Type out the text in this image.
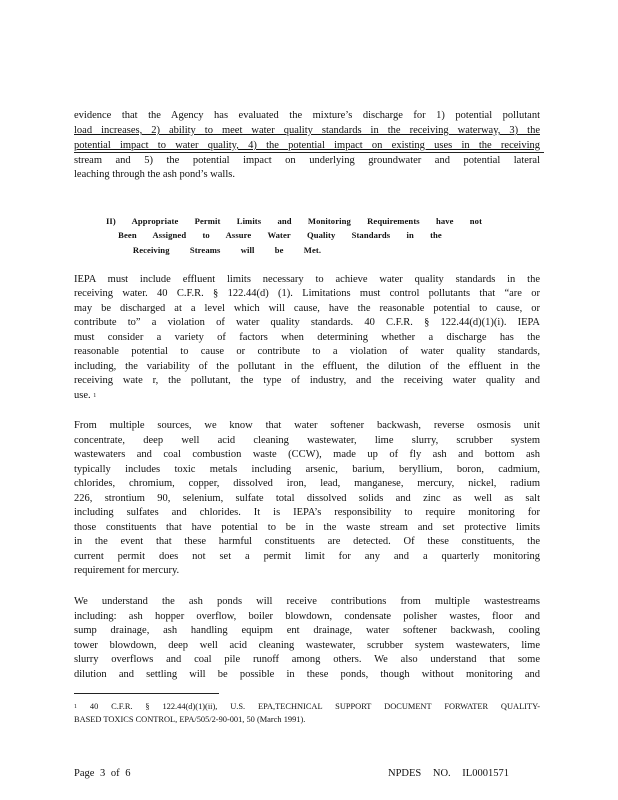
evidence that the Agency has evaluated the mixture’s discharge for 1) potential pollutant
load increases, 2) ability to meet water quality standards in the receiving waterway, 3) the
potential impact to water quality, 4) the potential impact on existing uses in the receiving
stream and 5) the potential impact on underlying groundwater and potential lateral
leaching through the ash pond’s walls.
II) Appropriate Permit Limits and Monitoring Requirements have not
Been Assigned to Assure Water Quality Standards in the
Receiving Streams will be Met.
IEPA must include effluent limits necessary to achieve water quality standards in the
receiving water. 40 C.F.R. § 122.44(d) (1). Limitations must control pollutants that “are or
may be discharged at a level which will cause, have the reasonable potential to cause, or
contribute to” a violation of water quality standards. 40 C.F.R. § 122.44(d)(1)(i). IEPA
must consider a variety of factors when determining whether a discharge has the
reasonable potential to cause or contribute to a violation of water quality standards,
including, the variability of the pollutant in the effluent, the dilution of the effluent in the
receiving wate r, the pollutant, the type of industry, and the receiving water quality and
use. $^1$
From multiple sources, we know that water softener backwash, reverse osmosis unit
concentrate, deep well acid cleaning wastewater, lime slurry, scrubber system
wastewaters and coal combustion waste (CCW), made up of fly ash and bottom ash
typically includes toxic metals including arsenic, barium, beryllium, boron, cadmium,
chlorides, chromium, copper, dissolved iron, lead, manganese, mercury, nickel, radium
226, strontium 90, selenium, sulfate total dissolved solids and zinc as well as salt
including sulfates and chlorides. It is IEPA’s responsibility to require monitoring for
those constituents that have potential to be in the waste stream and set protective limits
in the event that these harmful constituents are detected. Of these constituents, the
current permit does not set a permit limit for any and a quarterly monitoring
requirement for mercury.
We understand the ash ponds will receive contributions from multiple wastestreams
including: ash hopper overflow, boiler blowdown, condensate polisher wastes, floor and
sump drainage, ash handling equipm ent drainage, water softener backwash, cooling
tower blowdown, deep well acid cleaning wastewater, scrubber system wastewaters, lime
slurry overflows and coal pile runoff among others. We also understand that some
dilution and settling will be possible in these ponds, though without monitoring and
$^1$ 40 C.F.R. § 122.44(d)(1)(ii), U.S. EPA,TECHNICAL SUPPORT DOCUMENT FORWATER QUALITY-
BASED TOXICS CONTROL, EPA/505/2-90-001, 50 (March 1991).
Page 3 of 6	NPDES NO. IL0001571
